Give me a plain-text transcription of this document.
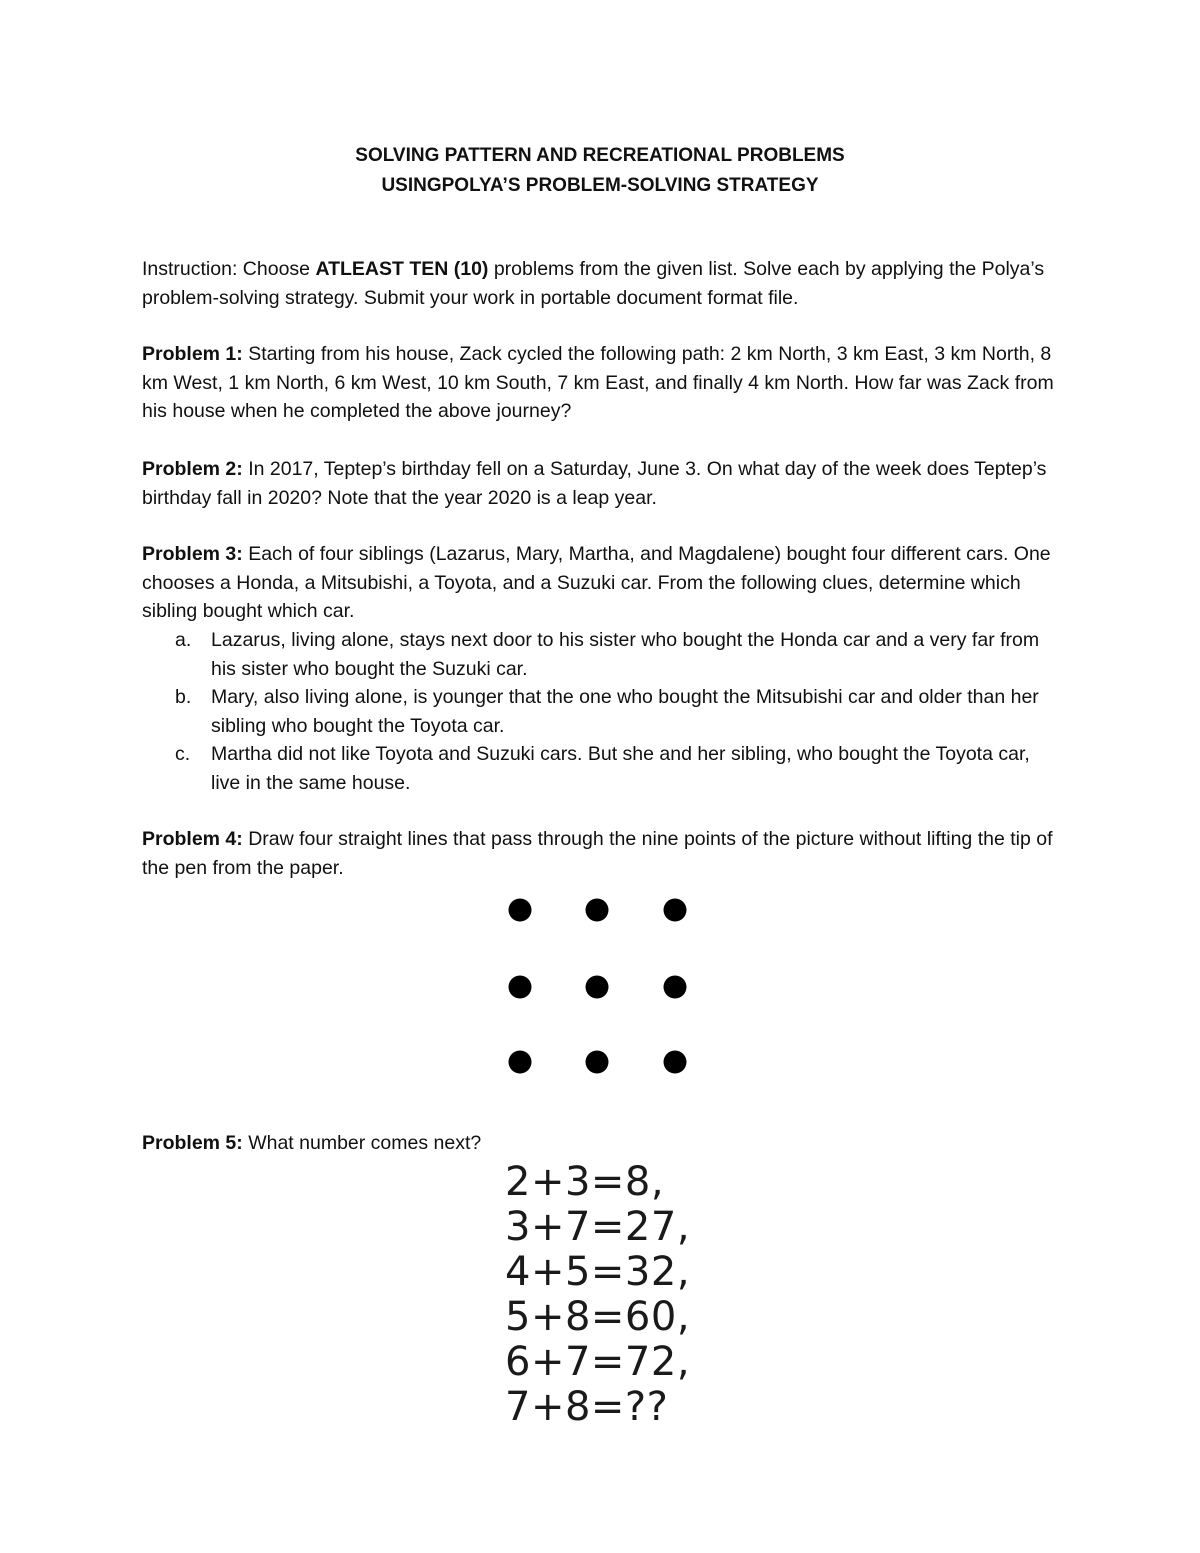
SOLVING PATTERN AND RECREATIONAL PROBLEMS
USINGPOLYA’S PROBLEM-SOLVING STRATEGY
Instruction: Choose ATLEAST TEN (10) problems from the given list. Solve each by applying the Polya’s problem-solving strategy. Submit your work in portable document format file.
Problem 1: Starting from his house, Zack cycled the following path: 2 km North, 3 km East, 3 km North, 8 km West, 1 km North, 6 km West, 10 km South, 7 km East, and finally 4 km North. How far was Zack from his house when he completed the above journey?
Problem 2: In 2017, Teptep’s birthday fell on a Saturday, June 3. On what day of the week does Teptep’s birthday fall in 2020? Note that the year 2020 is a leap year.
Problem 3: Each of four siblings (Lazarus, Mary, Martha, and Magdalene) bought four different cars. One chooses a Honda, a Mitsubishi, a Toyota, and a Suzuki car. From the following clues, determine which sibling bought which car.
a. Lazarus, living alone, stays next door to his sister who bought the Honda car and a very far from his sister who bought the Suzuki car.
b. Mary, also living alone, is younger that the one who bought the Mitsubishi car and older than her sibling who bought the Toyota car.
c. Martha did not like Toyota and Suzuki cars. But she and her sibling, who bought the Toyota car, live in the same house.
Problem 4: Draw four straight lines that pass through the nine points of the picture without lifting the tip of the pen from the paper.
Problem 5: What number comes next?
2+3=8,
3+7=27,
4+5=32,
5+8=60,
6+7=72,
7+8=??
